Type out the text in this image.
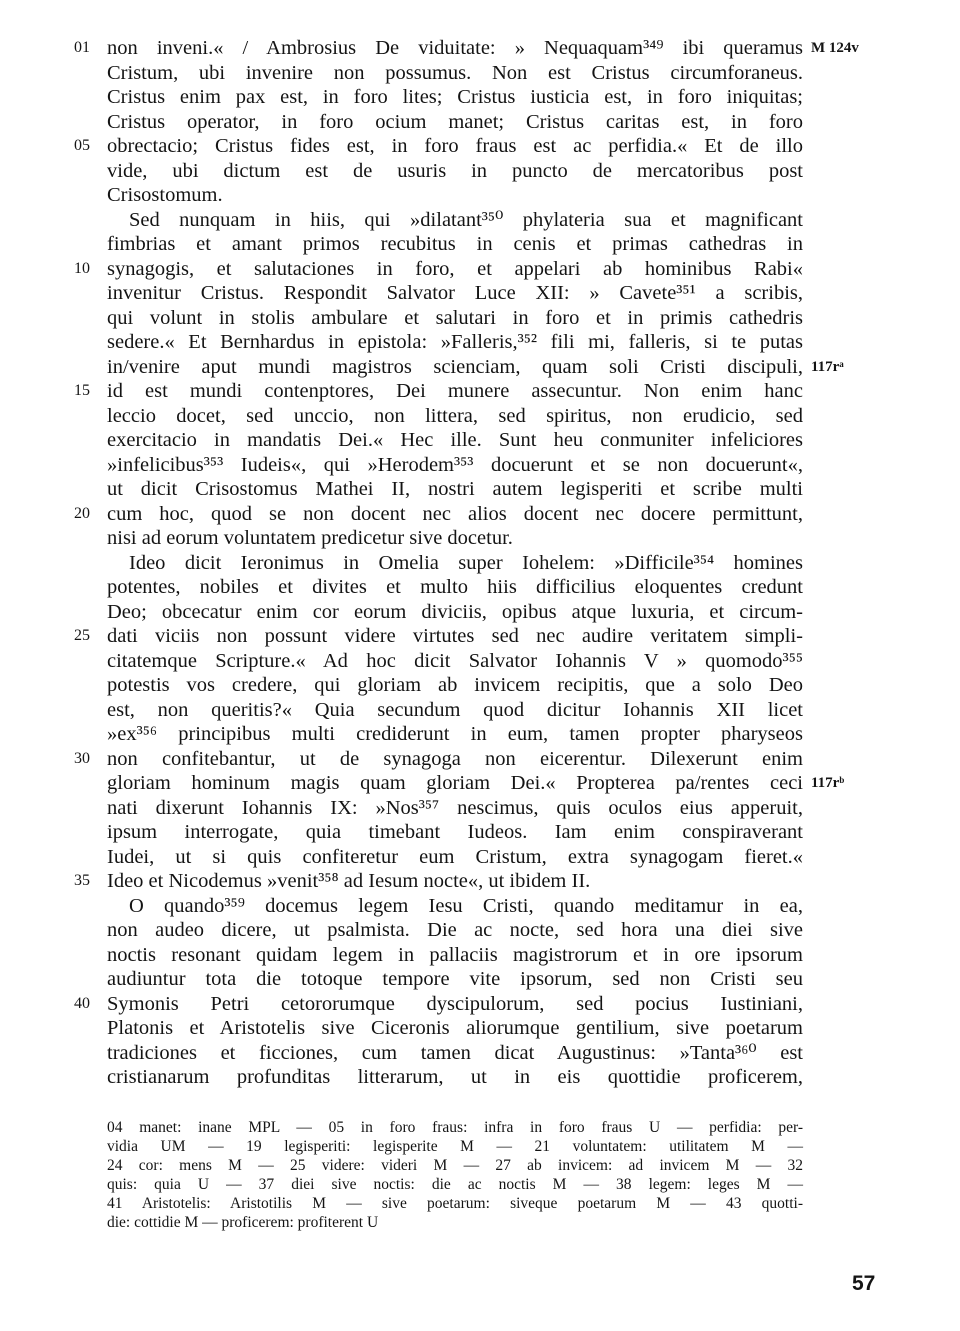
01 non inveni.« / Ambrosius De viduitate: » Nequaquam³⁴⁹ ibi queramus M 124v
Cristum, ubi invenire non possumus. Non est Cristus circumforaneus.
Cristus enim pax est, in foro lites; Cristus iusticia est, in foro iniquitas;
Cristus operator, in foro ocium manet; Cristus caritas est, in foro
05 obrectacio; Cristus fides est, in foro fraus est ac perfidia.« Et de illo
vide, ubi dictum est de usuris in puncto de mercatoribus post
Crisostomum.
Sed nunquam in hiis, qui »dilatant³⁵⁰ phylateria sua et magnificant
fimbrias et amant primos recubitus in cenis et primas cathedras in
10 synagogis, et salutaciones in foro, et appelari ab hominibus Rabi«
invenitur Cristus. Respondit Salvator Luce XII: » Cavete³⁵¹ a scribis,
qui volunt in stolis ambulare et salutari in foro et in primis cathedris
sedere.« Et Bernhardus in epistola: »Falleris,³⁵² fili mi, falleris, si te putas
in/venire aput mundi magistros scienciam, quam soli Cristi discipuli, 117rᵃ
15 id est mundi contenptores, Dei munere assecuntur. Non enim hanc
leccio docet, sed unccio, non littera, sed spiritus, non erudicio, sed
exercitacio in mandatis Dei.« Hec ille. Sunt heu conmuniter infeliciores
»infelicibus³⁵³ Iudeis«, qui »Herodem³⁵³ docuerunt et se non docuerunt«,
ut dicit Crisostomus Mathei II, nostri autem legisperiti et scribe multi
20 cum hoc, quod se non docent nec alios docent nec docere permittunt,
nisi ad eorum voluntatem predicetur sive docetur.
Ideo dicit Ieronimus in Omelia super Iohelem: »Difficile³⁵⁴ homines
potentes, nobiles et divites et multo hiis difficilius eloquentes credunt
Deo; obcecatur enim cor eorum diviciis, opibus atque luxuria, et circum-
25 dati viciis non possunt videre virtutes sed nec audire veritatem simpli-
citatemque Scripture.« Ad hoc dicit Salvator Iohannis V » quomodo³⁵⁵
potestis vos credere, qui gloriam ab invicem recipitis, que a solo Deo
est, non queritis?« Quia secundum quod dicitur Iohannis XII licet
»ex³⁵⁶ principibus multi crediderunt in eum, tamen propter pharyseos
30 non confitebantur, ut de synagoga non eicerentur. Dilexerunt enim
gloriam hominum magis quam gloriam Dei.« Propterea pa/rentes ceci 117rᵇ
nati dixerunt Iohannis IX: »Nos³⁵⁷ nescimus, quis oculos eius apperuit,
ipsum interrogate, quia timebant Iudeos. Iam enim conspiraverant
Iudei, ut si quis confiteretur eum Cristum, extra synagogam fieret.«
35 Ideo et Nicodemus »venit³⁵⁸ ad Iesum nocte«, ut ibidem II.
O quando³⁵⁹ docemus legem Iesu Cristi, quando meditamur in ea,
non audeo dicere, ut psalmista. Die ac nocte, sed hora una diei sive
noctis resonant quidam legem in pallaciis magistrorum et in ore ipsorum
audiuntur tota die totoque tempore vite ipsorum, sed non Cristi seu
40 Symonis Petri cetororumque dyscipulorum, sed pocius Iustiniani,
Platonis et Aristotelis sive Ciceronis aliorumque gentilium, sive poetarum
tradiciones et ficciones, cum tamen dicat Augustinus: »Tanta³⁶⁰ est
cristianarum profunditas litterarum, ut in eis quottidie proficerem,
04 manet: inane MPL — 05 in foro fraus: infra in foro fraus U — perfidia: per-
vidia UM — 19 legisperiti: legisperite M — 21 voluntatem: utilitatem M —
24 cor: mens M — 25 videre: videri M — 27 ab invicem: ad invicem M — 32
quis: quia U — 37 diei sive noctis: die ac noctis M — 38 legem: leges M —
41 Aristotelis: Aristotilis M — sive poetarum: siveque poetarum M — 43 quotti-
die: cottidie M — proficerem: profiterent U
57
